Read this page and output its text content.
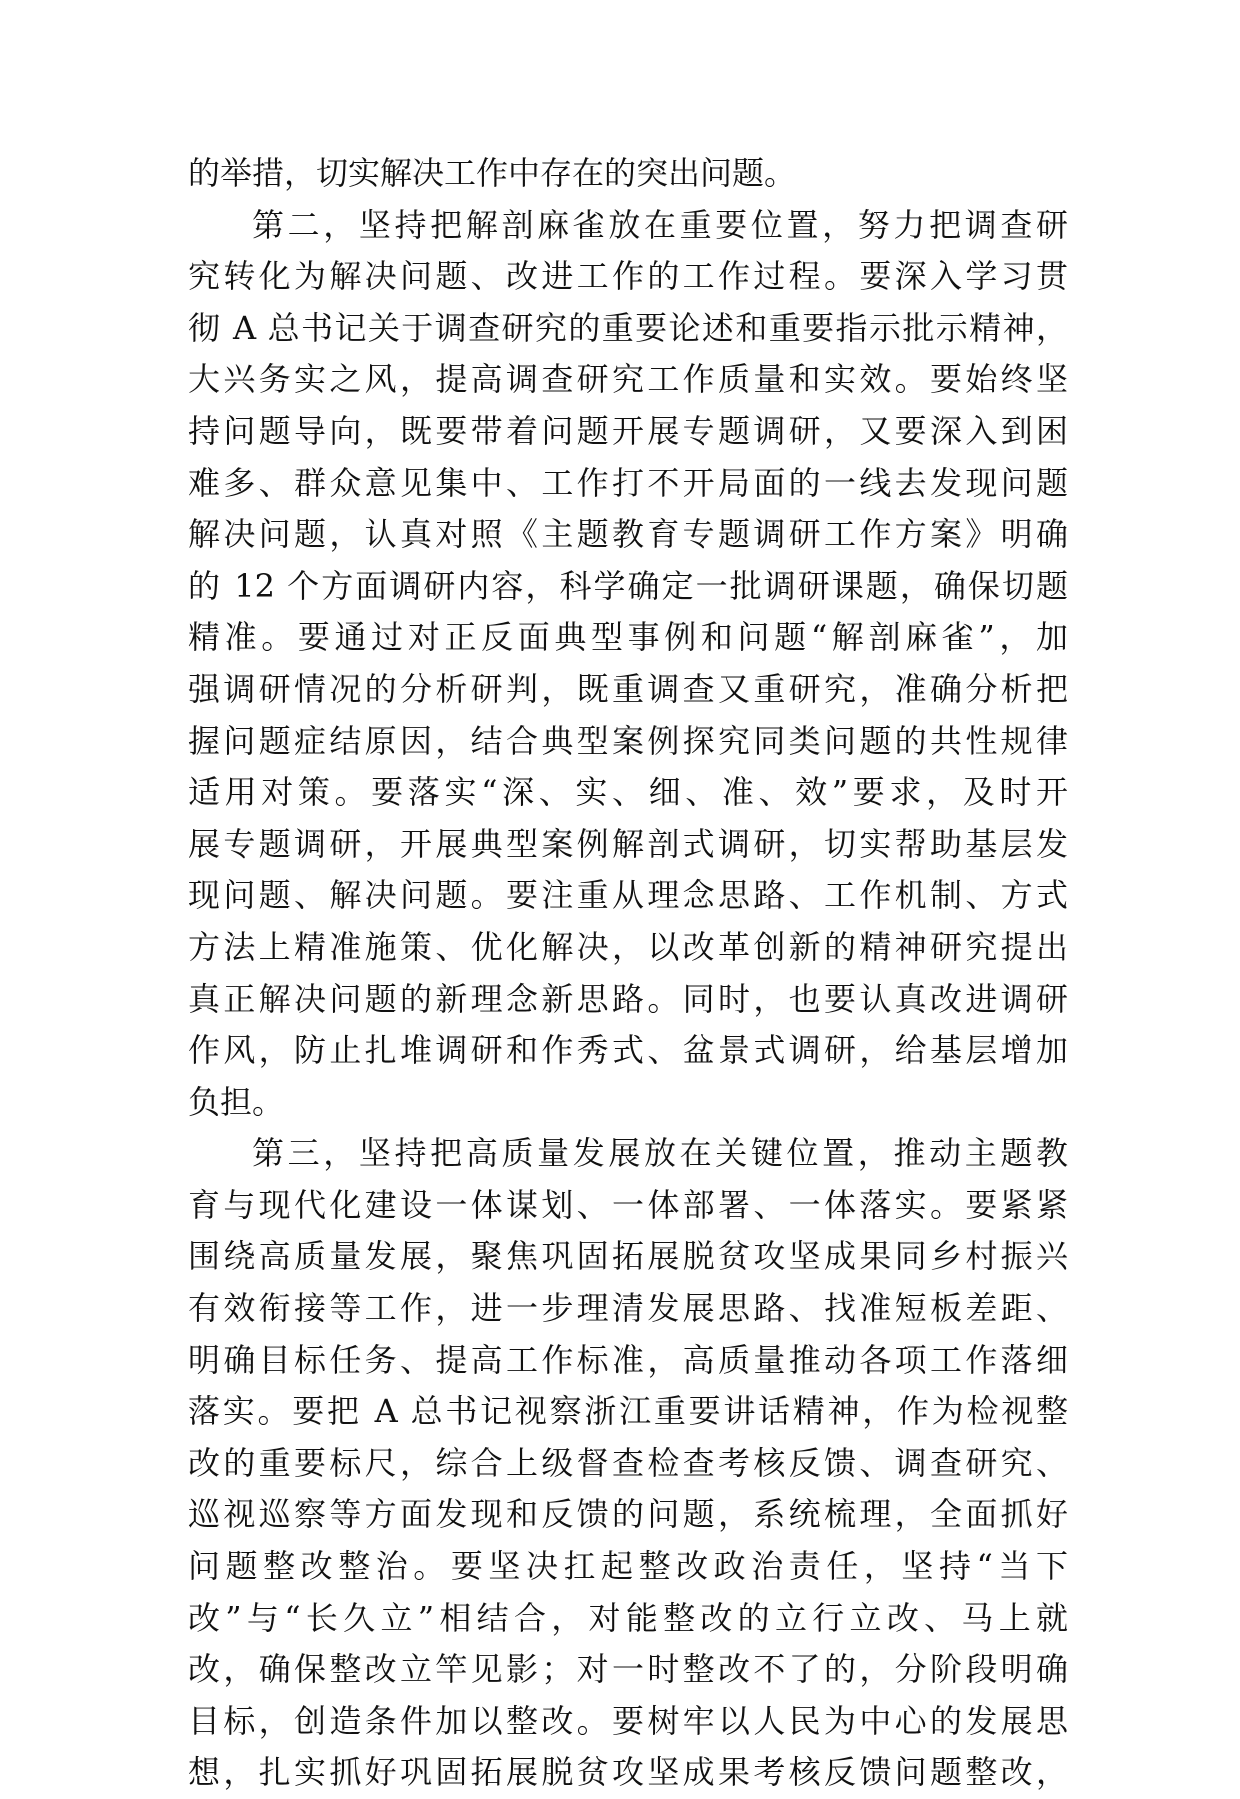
的举措，切实解决工作中存在的突出问题。
第二，坚持把解剖麻雀放在重要位置，努力把调查研
究转化为解决问题、改进工作的工作过程。要深入学习贯
彻 A 总书记关于调查研究的重要论述和重要指示批示精神，
大兴务实之风，提高调查研究工作质量和实效。要始终坚
持问题导向，既要带着问题开展专题调研，又要深入到困
难多、群众意见集中、工作打不开局面的一线去发现问题
解决问题，认真对照《主题教育专题调研工作方案》明确
的 12 个方面调研内容，科学确定一批调研课题，确保切题
精准。要通过对正反面典型事例和问题“解剖麻雀”，加
强调研情况的分析研判，既重调查又重研究，准确分析把
握问题症结原因，结合典型案例探究同类问题的共性规律
适用对策。要落实“深、实、细、准、效”要求，及时开
展专题调研，开展典型案例解剖式调研，切实帮助基层发
现问题、解决问题。要注重从理念思路、工作机制、方式
方法上精准施策、优化解决，以改革创新的精神研究提出
真正解决问题的新理念新思路。同时，也要认真改进调研
作风，防止扎堆调研和作秀式、盆景式调研，给基层增加
负担。
第三，坚持把高质量发展放在关键位置，推动主题教
育与现代化建设一体谋划、一体部署、一体落实。要紧紧
围绕高质量发展，聚焦巩固拓展脱贫攻坚成果同乡村振兴
有效衔接等工作，进一步理清发展思路、找准短板差距、
明确目标任务、提高工作标准，高质量推动各项工作落细
落实。要把 A 总书记视察浙江重要讲话精神，作为检视整
改的重要标尺，综合上级督查检查考核反馈、调查研究、
巡视巡察等方面发现和反馈的问题，系统梳理，全面抓好
问题整改整治。要坚决扛起整改政治责任，坚持“当下
改”与“长久立”相结合，对能整改的立行立改、马上就
改，确保整改立竿见影；对一时整改不了的，分阶段明确
目标，创造条件加以整改。要树牢以人民为中心的发展思
想，扎实抓好巩固拓展脱贫攻坚成果考核反馈问题整改，
